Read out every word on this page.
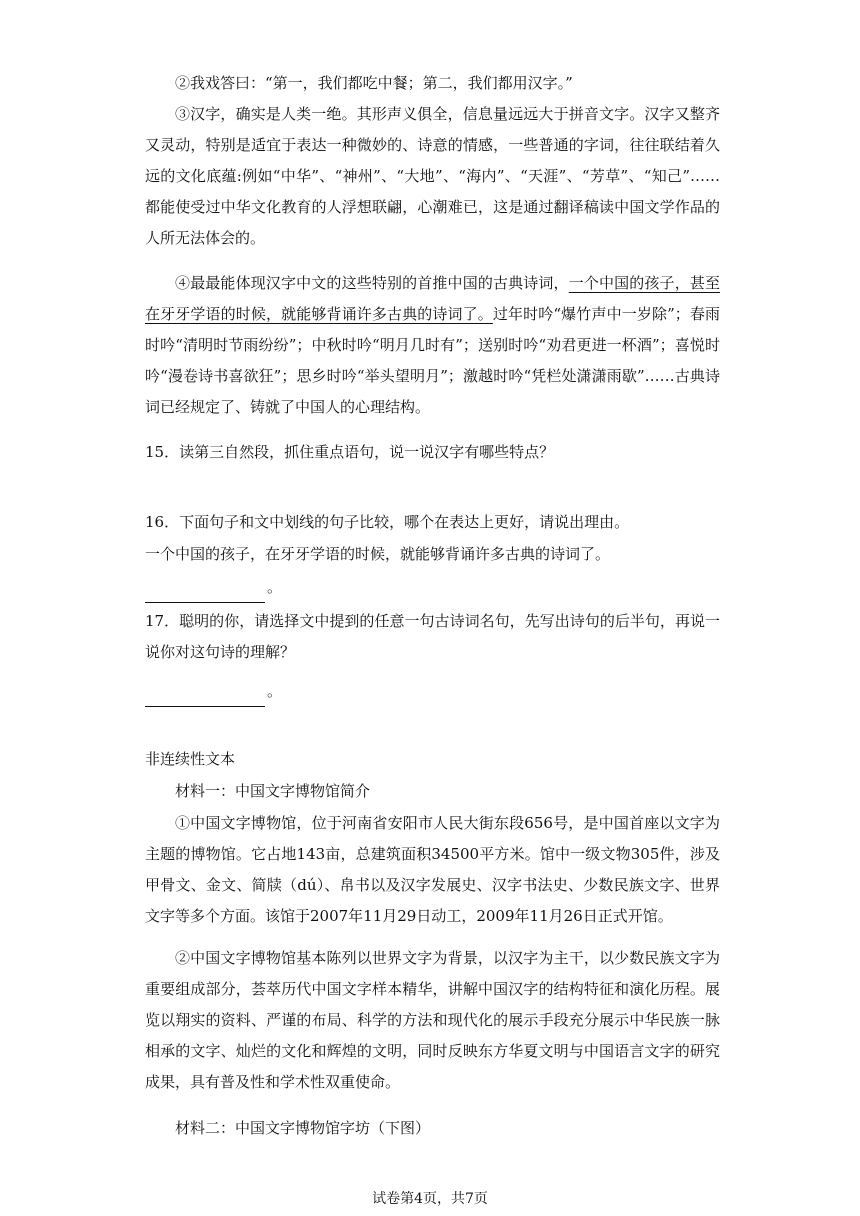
②我戏答曰：“第一，我们都吃中餐；第二，我们都用汉字。”

③汉字，确实是人类一绝。其形声义俱全，信息量远远大于拼音文字。汉字又整齐又灵动，特别是适宜于表达一种微妙的、诗意的情感，一些普通的字词，往往联结着久远的文化底蕴:例如“中华”、“神州”、“大地”、“海内”、“天涯”、“芳草”、“知己”……都能使受过中华文化教育的人浮想联翩，心潮难已，这是通过翻译稿读中国文学作品的人所无法体会的。

④最最能体现汉字中文的这些特别的首推中国的古典诗词，一个中国的孩子，甚至在牙牙学语的时候，就能够背诵许多古典的诗词了。过年时吟“爆竹声中一岁除”；春雨时吟“清明时节雨纷纷”；中秋时吟“明月几时有”；送别时吟“劝君更进一杯酒”；喜悦时吟“漫卷诗书喜欲狂”；思乡时吟“举头望明月”；激越时吟“凭栏处潇潇雨歇”……古典诗词已经规定了、铸就了中国人的心理结构。

15．读第三自然段，抓住重点语句，说一说汉字有哪些特点？

16．下面句子和文中划线的句子比较，哪个在表达上更好，请说出理由。

一个中国的孩子，在牙牙学语的时候，就能够背诵许多古典的诗词了。

。

17．聪明的你，请选择文中提到的任意一句古诗词名句，先写出诗句的后半句，再说一说你对这句诗的理解？

。

非连续性文本

材料一：中国文字博物馆简介

①中国文字博物馆，位于河南省安阳市人民大街东段656号，是中国首座以文字为主题的博物馆。它占地143亩，总建筑面积34500平方米。馆中一级文物305件，涉及甲骨文、金文、简牍（dú）、帛书以及汉字发展史、汉字书法史、少数民族文字、世界文字等多个方面。该馆于2007年11月29日动工，2009年11月26日正式开馆。

②中国文字博物馆基本陈列以世界文字为背景，以汉字为主干，以少数民族文字为重要组成部分，荟萃历代中国文字样本精华，讲解中国汉字的结构特征和演化历程。展览以翔实的资料、严谨的布局、科学的方法和现代化的展示手段充分展示中华民族一脉相承的文字、灿烂的文化和辉煌的文明，同时反映东方华夏文明与中国语言文字的研究成果，具有普及性和学术性双重使命。

材料二：中国文字博物馆字坊（下图）

试卷第4页，共7页
